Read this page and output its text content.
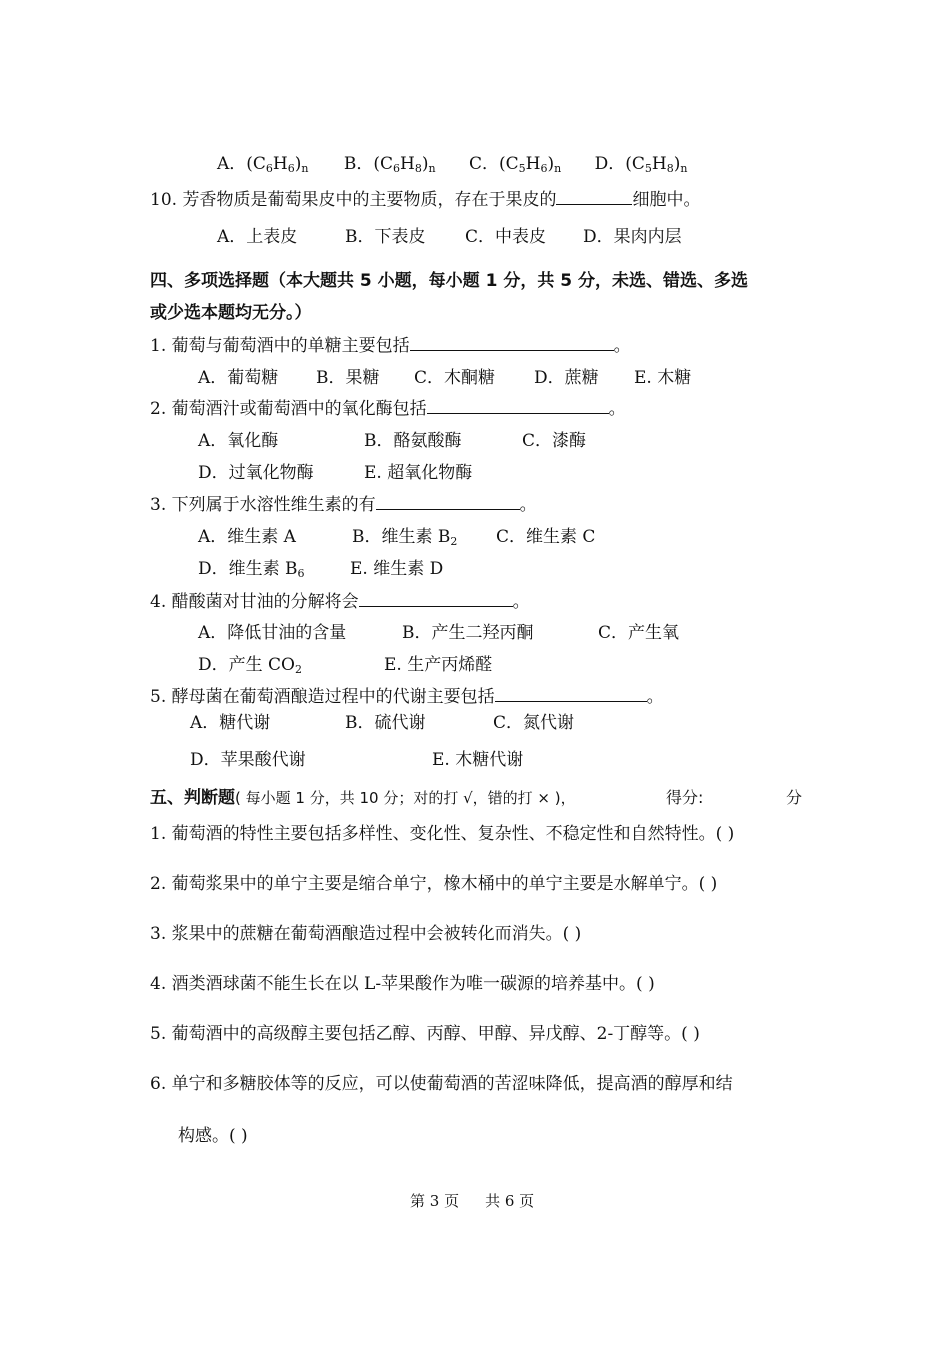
A．$(C_6H_6)_n$ B．$(C_6H_8)_n$ C．$(C_5H_6)_n$ D．$(C_5H_8)_n$
10. 芳香物质是葡萄果皮中的主要物质，存在于果皮的	细胞中。
A．上表皮	B．下表皮 C．中表皮 D．果肉内层
四、多项选择题（本大题共 5 小题，每小题 1 分，共 5 分，未选、错选、多选
或少选本题均无分。）
1. 葡萄与葡萄酒中的单糖主要包括	。
A．葡萄糖 B．果糖 C．木酮糖 D．蔗糖 E. 木糖
2. 葡萄酒汁或葡萄酒中的氧化酶包括	。
A．氧化酶	B．酪氨酸酶	C．漆酶
D．过氧化物酶	E. 超氧化物酶
3. 下列属于水溶性维生素的有	。
A．维生素 A	B．维生素 $B_2$ C．维生素 C
D．维生素 $B_6$	E. 维生素 D
4. 醋酸菌对甘油的分解将会	。
A．降低甘油的含量	B．产生二羟丙酮	C．产生氧
D．产生 $CO_2$	E. 生产丙烯醛
5. 酵母菌在葡萄酒酿造过程中的代谢主要包括	。
A．糖代谢	B．硫代谢	C．氮代谢
D．苹果酸代谢	E. 木糖代谢
五、判断题( 每小题 1 分，共 10 分；对的打 √，错的打 × )，	得分:	分
1. 葡萄酒的特性主要包括多样性、变化性、复杂性、不稳定性和自然特性。( )
2. 葡萄浆果中的单宁主要是缩合单宁，橡木桶中的单宁主要是水解单宁。( )
3. 浆果中的蔗糖在葡萄酒酿造过程中会被转化而消失。( )
4. 酒类酒球菌不能生长在以 L-苹果酸作为唯一碳源的培养基中。( )
5. 葡萄酒中的高级醇主要包括乙醇、丙醇、甲醇、异戊醇、2-丁醇等。( )
6. 单宁和多糖胶体等的反应，可以使葡萄酒的苦涩味降低，提高酒的醇厚和结
构感。( )
第 3 页 共 6 页
